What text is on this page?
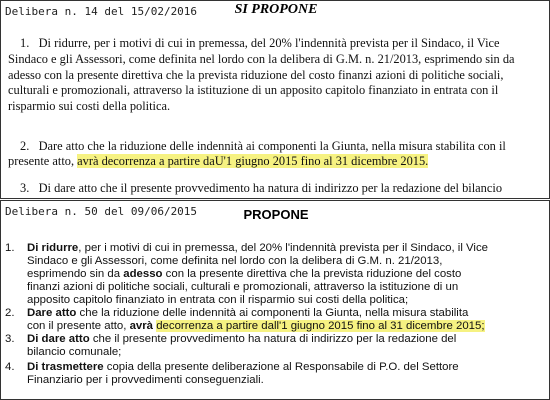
Delibera n. 14 del 15/02/2016	SI PROPONE
1.   Di ridurre, per i motivi di cui in premessa, del 20% l'indennità prevista per il Sindaco, il Vice
Sindaco e gli Assessori, come definita nel lordo con la delibera di G.M. n. 21/2013, esprimendo sin da
adesso con la presente direttiva che la prevista riduzione del costo finanzi azioni di politiche sociali,
culturali e promozionali, attraverso la istituzione di un apposito capitolo finanziato in entrata con il
risparmio sui costi della politica.
2.   Dare atto che la riduzione delle indennità ai componenti la Giunta, nella misura stabilita con il
presente atto, avrà decorrenza a partire daU'1 giugno 2015 fino al 31 dicembre 2015.
3.   Di dare atto che il presente provvedimento ha natura di indirizzo per la redazione del bilancio
Delibera n. 50 del 09/06/2015	PROPONE
1. Di ridurre, per i motivi di cui in premessa, del 20% l'indennità prevista per il Sindaco, il Vice
Sindaco e gli Assessori, come definita nel lordo con la delibera di G.M. n. 21/2013,
esprimendo sin da adesso con la presente direttiva che la prevista riduzione del costo
finanzi azioni di politiche sociali, culturali e promozionali, attraverso la istituzione di un
apposito capitolo finanziato in entrata con il risparmio sui costi della politica;
2. Dare atto che la riduzione delle indennità ai componenti la Giunta, nella misura stabilita
con il presente atto, avrà decorrenza a partire dall'1 giugno 2015 fino al 31 dicembre 2015;
3. Di dare atto che il presente provvedimento ha natura di indirizzo per la redazione del
bilancio comunale;
4. Di trasmettere copia della presente deliberazione al Responsabile di P.O. del Settore
Finanziario per i provvedimenti conseguenziali.
